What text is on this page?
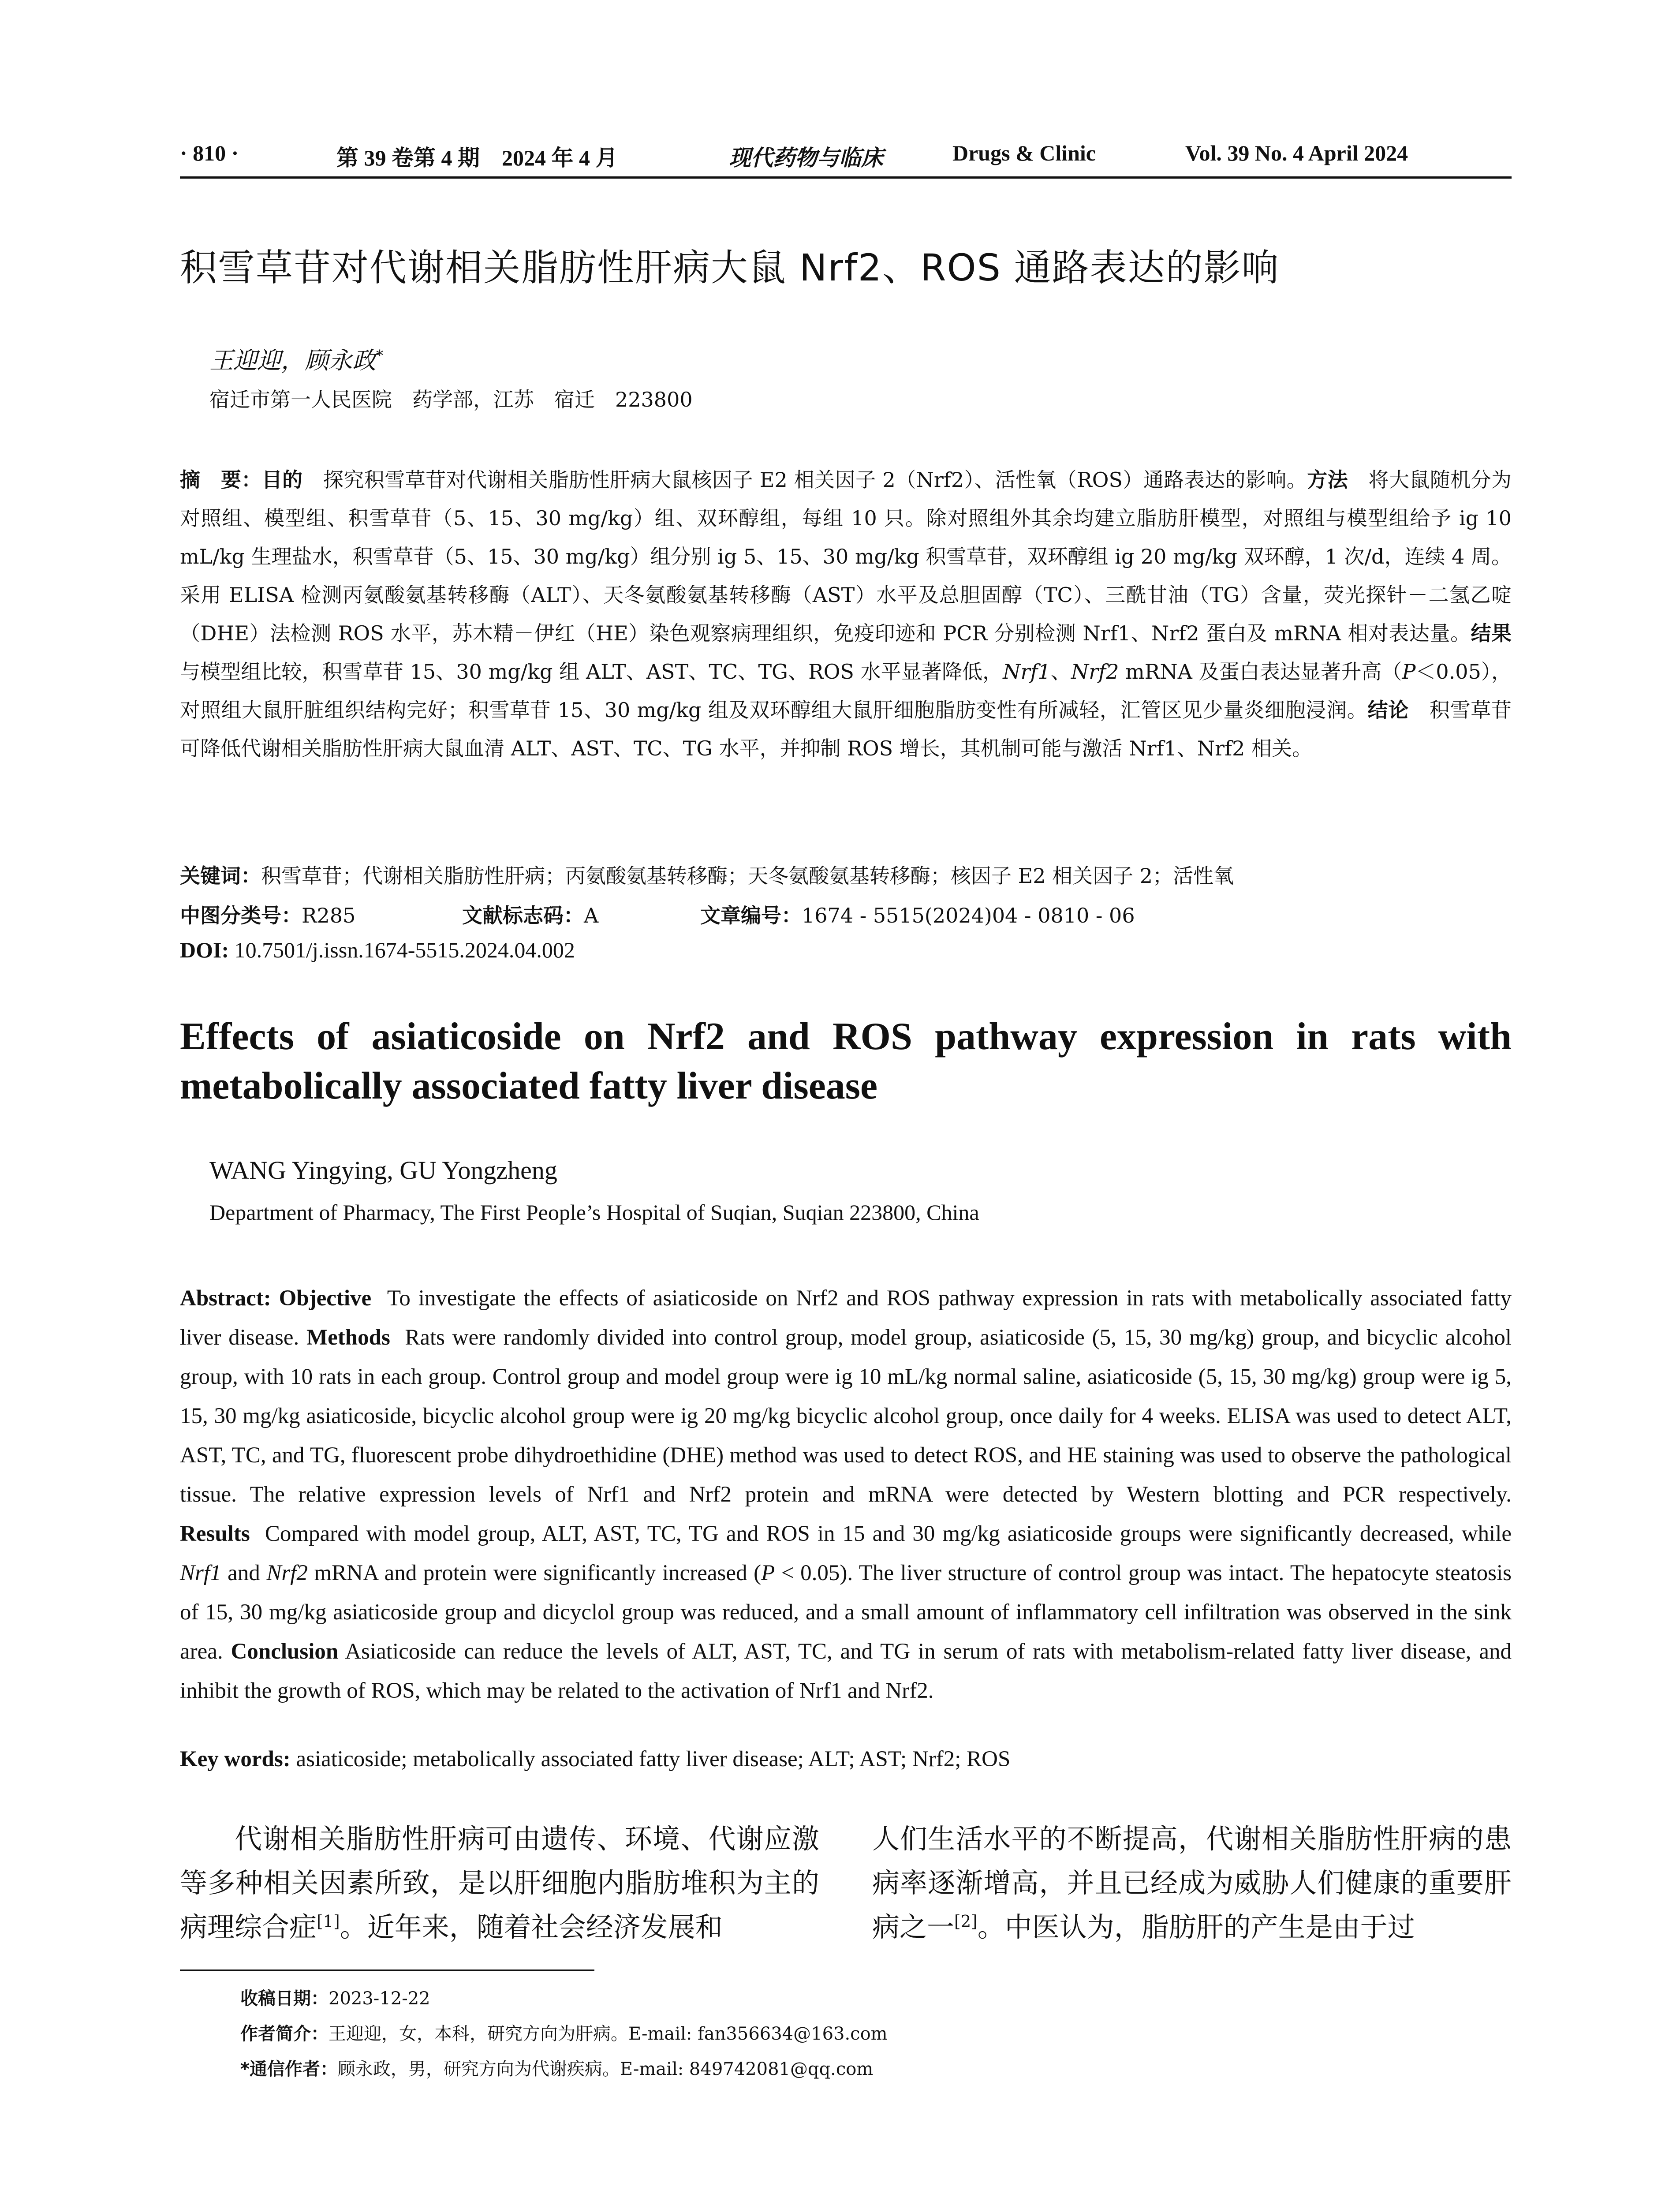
· 810 ·	第 39 卷第 4 期　2024 年 4 月	现代药物与临床	Drugs & Clinic	Vol. 39 No. 4 April 2024
积雪草苷对代谢相关脂肪性肝病大鼠 Nrf2、ROS 通路表达的影响
王迎迎，顾永政*
宿迁市第一人民医院　药学部，江苏　宿迁　223800

摘　要：目的　 探究积雪草苷对代谢相关脂肪性肝病大鼠核因子 E2 相关因子 2（Nrf2）、活性氧（ROS）通路表达的影响。方法　 将大鼠随机分为对照组、模型组、积雪草苷（5、15、30 mg/kg）组、双环醇组，每组 10 只。除对照组外其余均建立脂肪肝模型，对照组与模型组给予 ig 10 mL/kg 生理盐水，积雪草苷（5、15、30 mg/kg）组分别 ig 5、15、30 mg/kg 积雪草苷，双环醇组 ig 20 mg/kg 双环醇，1 次/d，连续 4 周。采用 ELISA 检测丙氨酸氨基转移酶（ALT）、天冬氨酸氨基转移酶（AST）水平及总胆固醇（TC）、三酰甘油（TG）含量，荧光探针－二氢乙啶（DHE）法检测 ROS 水平，苏木精－伊红（HE）染色观察病理组织，免疫印迹和 PCR 分别检测 Nrf1、Nrf2 蛋白及 mRNA 相对表达量。结果　与模型组比较，积雪草苷 15、30 mg/kg 组 ALT、AST、TC、TG、ROS 水平显著降低，Nrf1、Nrf2 mRNA 及蛋白表达显著升高（P＜0.05），对照组大鼠肝脏组织结构完好；积雪草苷 15、30 mg/kg 组及双环醇组大鼠肝细胞脂肪变性有所减轻，汇管区见少量炎细胞浸润。结论　 积雪草苷可降低代谢相关脂肪性肝病大鼠血清 ALT、AST、TC、TG 水平，并抑制 ROS 增长，其机制可能与激活 Nrf1、Nrf2 相关。

关键词：积雪草苷；代谢相关脂肪性肝病；丙氨酸氨基转移酶；天冬氨酸氨基转移酶；核因子 E2 相关因子 2；活性氧

中图分类号：R285	文献标志码：A	文章编号：1674 - 5515(2024)04 - 0810 - 06

DOI: 10.7501/j.issn.1674-5515.2024.04.002

Effects of asiaticoside on Nrf2 and ROS pathway expression in rats with metabolically associated fatty liver disease

WANG Yingying, GU Yongzheng
Department of Pharmacy, The First People’s Hospital of Suqian, Suqian 223800, China

Abstract: Objective To investigate the effects of asiaticoside on Nrf2 and ROS pathway expression in rats with metabolically associated fatty liver disease. Methods Rats were randomly divided into control group, model group, asiaticoside (5, 15, 30 mg/kg) group, and bicyclic alcohol group, with 10 rats in each group. Control group and model group were ig 10 mL/kg normal saline, asiaticoside (5, 15, 30 mg/kg) group were ig 5, 15, 30 mg/kg asiaticoside, bicyclic alcohol group were ig 20 mg/kg bicyclic alcohol group, once daily for 4 weeks. ELISA was used to detect ALT, AST, TC, and TG, fluorescent probe dihydroethidine (DHE) method was used to detect ROS, and HE staining was used to observe the pathological tissue. The relative expression levels of Nrf1 and Nrf2 protein and mRNA were detected by Western blotting and PCR respectively. Results Compared with model group, ALT, AST, TC, TG and ROS in 15 and 30 mg/kg asiaticoside groups were significantly decreased, while Nrf1 and Nrf2 mRNA and protein were significantly increased (P < 0.05). The liver structure of control group was intact. The hepatocyte steatosis of 15, 30 mg/kg asiaticoside group and dicyclol group was reduced, and a small amount of inflammatory cell infiltration was observed in the sink area. Conclusion Asiaticoside can reduce the levels of ALT, AST, TC, and TG in serum of rats with metabolism-related fatty liver disease, and inhibit the growth of ROS, which may be related to the activation of Nrf1 and Nrf2.

Key words: asiaticoside; metabolically associated fatty liver disease; ALT; AST; Nrf2; ROS

代谢相关脂肪性肝病可由遗传、环境、代谢应激等多种相关因素所致，是以肝细胞内脂肪堆积为主的病理综合症[1]。近年来，随着社会经济发展和

人们生活水平的不断提高，代谢相关脂肪性肝病的患病率逐渐增高，并且已经成为威胁人们健康的重要肝病之一[2]。中医认为，脂肪肝的产生是由于过

收稿日期：2023-12-22

作者简介：王迎迎，女，本科，研究方向为肝病。E-mail: fan356634@163.com

*通信作者：顾永政，男，研究方向为代谢疾病。E-mail: 849742081@qq.com
